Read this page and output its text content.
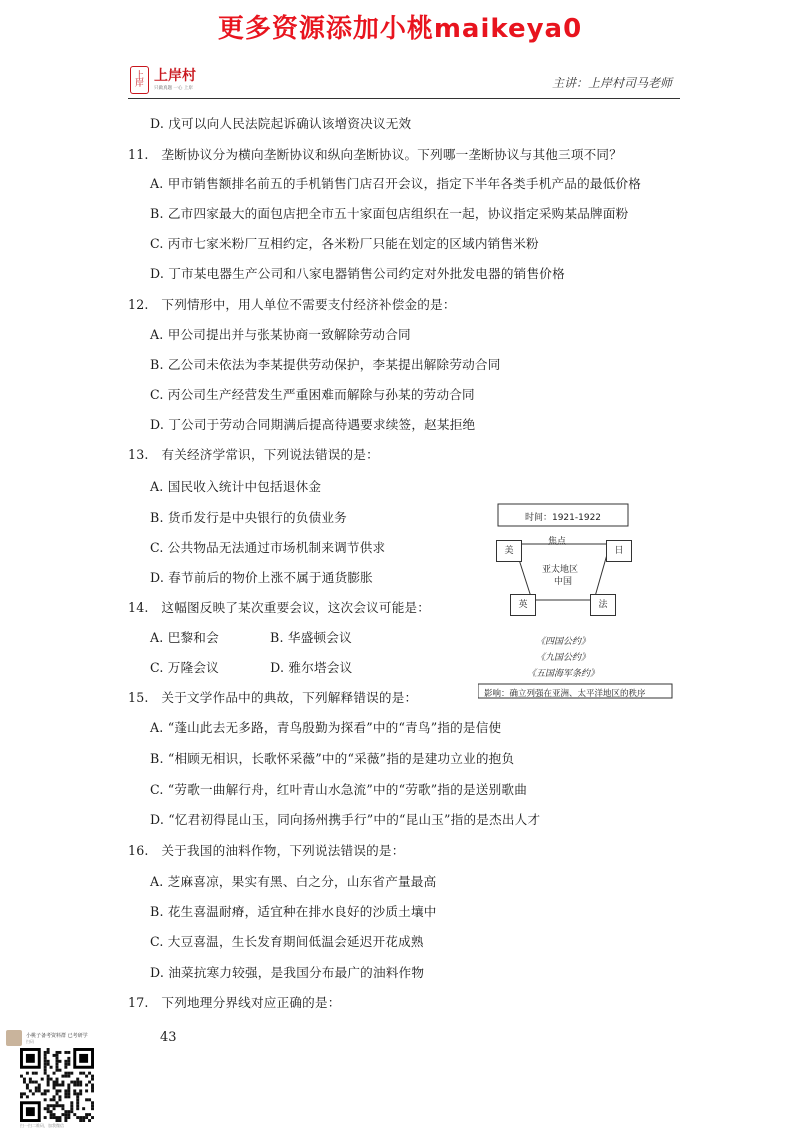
更多资源添加小桃maikeya0
上岸
上岸村
只做真题 一心 上岸	主讲：上岸村司马老师
D. 戊可以向人民法院起诉确认该增资决议无效
11.　垄断协议分为横向垄断协议和纵向垄断协议。下列哪一垄断协议与其他三项不同？
A. 甲市销售额排名前五的手机销售门店召开会议，指定下半年各类手机产品的最低价格
B. 乙市四家最大的面包店把全市五十家面包店组织在一起，协议指定采购某品牌面粉
C. 丙市七家米粉厂互相约定，各米粉厂只能在划定的区域内销售米粉
D. 丁市某电器生产公司和八家电器销售公司约定对外批发电器的销售价格
12.　下列情形中，用人单位不需要支付经济补偿金的是：
A. 甲公司提出并与张某协商一致解除劳动合同
B. 乙公司未依法为李某提供劳动保护，李某提出解除劳动合同
C. 丙公司生产经营发生严重困难而解除与孙某的劳动合同
D. 丁公司于劳动合同期满后提高待遇要求续签，赵某拒绝
13.　有关经济学常识，下列说法错误的是：
A. 国民收入统计中包括退休金
B. 货币发行是中央银行的负债业务
C. 公共物品无法通过市场机制来调节供求
D. 春节前后的物价上涨不属于通货膨胀
14.　这幅图反映了某次重要会议，这次会议可能是：
A. 巴黎和会　　　　B. 华盛顿会议
C. 万隆会议　　　　D. 雅尔塔会议
15.　关于文学作品中的典故，下列解释错误的是：
A. “蓬山此去无多路，青鸟殷勤为探看”中的“青鸟”指的是信使
B. “相顾无相识，长歌怀采薇”中的“采薇”指的是建功立业的抱负
C. “劳歌一曲解行舟，红叶青山水急流”中的“劳歌”指的是送别歌曲
D. “忆君初得昆山玉，同向扬州携手行”中的“昆山玉”指的是杰出人才
16.　关于我国的油料作物，下列说法错误的是：
A. 芝麻喜凉，果实有黑、白之分，山东省产量最高
B. 花生喜温耐瘠，适宜种在排水良好的沙质土壤中
C. 大豆喜温，生长发育期间低温会延迟开花成熟
D. 油菜抗寒力较强，是我国分布最广的油料作物
17.　下列地理分界线对应正确的是：
时间：1921-1922
美	日
英	法
焦点
亚太地区
中国
《四国公约》
《九国公约》
《五国海军条约》
影响：确立列强在亚洲、太平洋地区的秩序
43
小桃子备考资料群 已考研学
扫码
扫一扫二维码，加我微信
